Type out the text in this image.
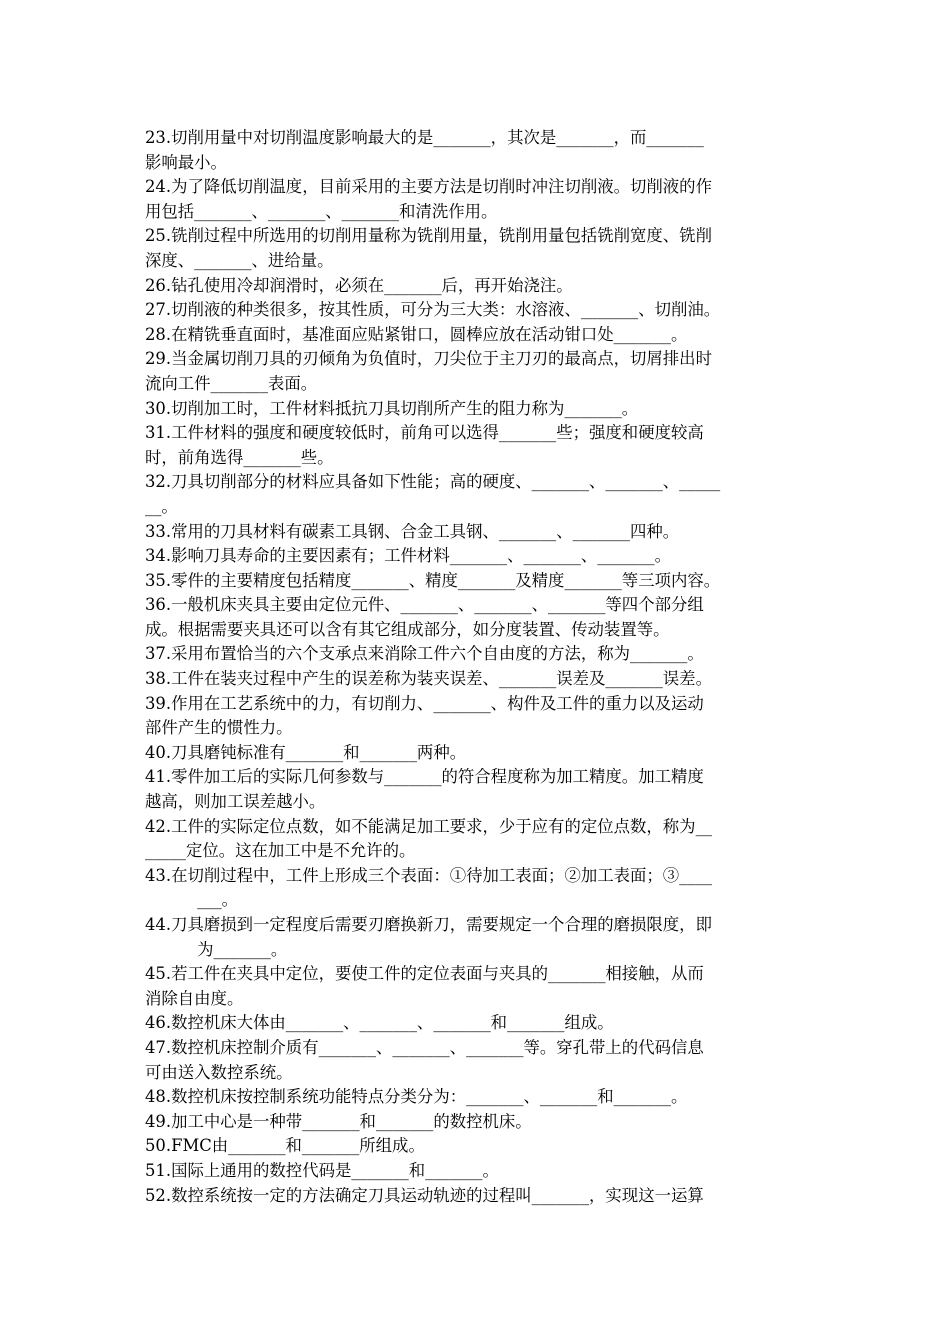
23.切削用量中对切削温度影响最大的是_______，其次是_______，而_______
影响最小。
24.为了降低切削温度，目前采用的主要方法是切削时冲注切削液。切削液的作
用包括_______、_______、_______和清洗作用。
25.铣削过程中所选用的切削用量称为铣削用量，铣削用量包括铣削宽度、铣削
深度、_______、进给量。
26.钻孔使用冷却润滑时，必须在_______后，再开始浇注。
27.切削液的种类很多，按其性质，可分为三大类：水溶液、_______、切削油。
28.在精铣垂直面时，基准面应贴紧钳口，圆棒应放在活动钳口处_______。
29.当金属切削刀具的刃倾角为负值时，刀尖位于主刀刃的最高点，切屑排出时
流向工件_______表面。
30.切削加工时，工件材料抵抗刀具切削所产生的阻力称为_______。
31.工件材料的强度和硬度较低时，前角可以选得_______些；强度和硬度较高
时，前角选得_______些。
32.刀具切削部分的材料应具备如下性能；高的硬度、_______、_______、_____
__。
33.常用的刀具材料有碳素工具钢、合金工具钢、_______、_______四种。
34.影响刀具寿命的主要因素有；工件材料_______、_______、_______。
35.零件的主要精度包括精度_______、精度_______及精度_______等三项内容。
36.一般机床夹具主要由定位元件、_______、_______、_______等四个部分组
成。根据需要夹具还可以含有其它组成部分，如分度装置、传动装置等。
37.采用布置恰当的六个支承点来消除工件六个自由度的方法，称为_______。
38.工件在装夹过程中产生的误差称为装夹误差、_______误差及_______误差。
39.作用在工艺系统中的力，有切削力、_______、构件及工件的重力以及运动
部件产生的惯性力。
40.刀具磨钝标准有_______和_______两种。
41.零件加工后的实际几何参数与_______的符合程度称为加工精度。加工精度
越高，则加工误差越小。
42.工件的实际定位点数，如不能满足加工要求，少于应有的定位点数，称为__
_____定位。这在加工中是不允许的。
43.在切削过程中，工件上形成三个表面：①待加工表面；②加工表面；③____
___。
44.刀具磨损到一定程度后需要刃磨换新刀，需要规定一个合理的磨损限度，即
为_______。
45.若工件在夹具中定位，要使工件的定位表面与夹具的_______相接触，从而
消除自由度。
46.数控机床大体由_______、_______、_______和_______组成。
47.数控机床控制介质有_______、_______、_______等。穿孔带上的代码信息
可由送入数控系统。
48.数控机床按控制系统功能特点分类分为：_______、_______和_______。
49.加工中心是一种带_______和_______的数控机床。
50.FMC由_______和_______所组成。
51.国际上通用的数控代码是_______和_______。
52.数控系统按一定的方法确定刀具运动轨迹的过程叫_______，实现这一运算
